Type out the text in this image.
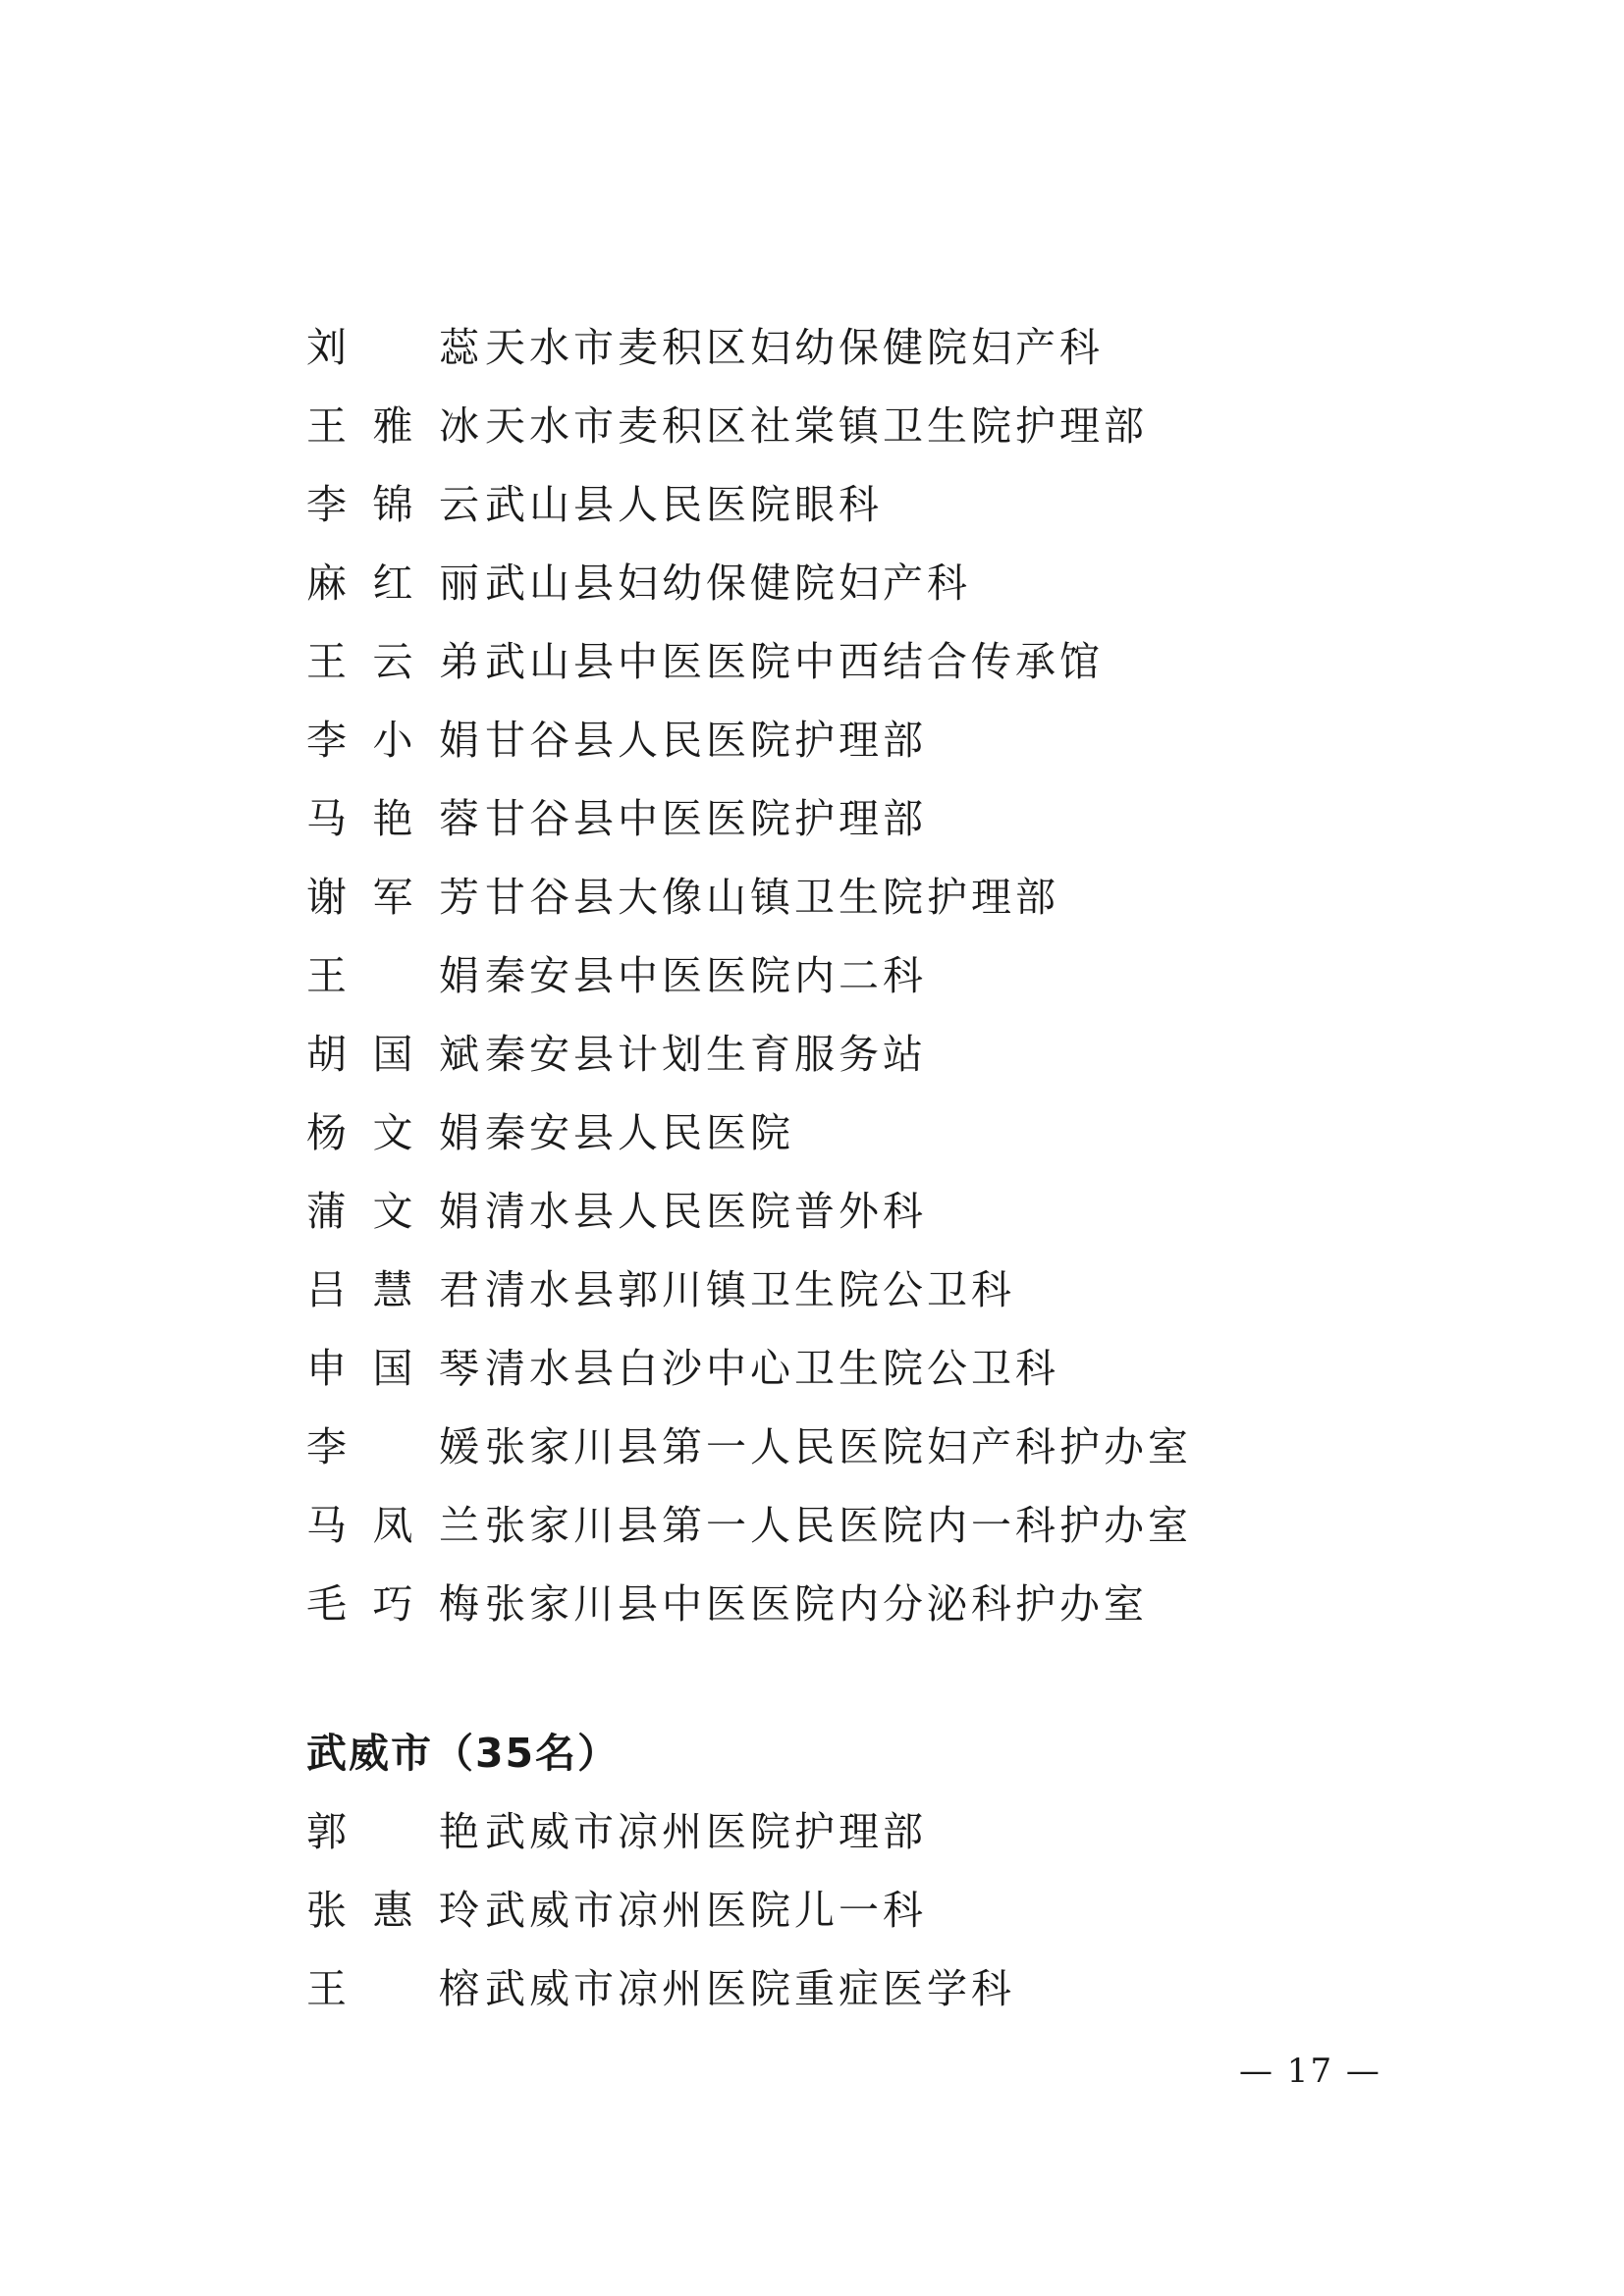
刘　蕊 天水市麦积区妇幼保健院妇产科
王雅冰 天水市麦积区社棠镇卫生院护理部
李锦云 武山县人民医院眼科
麻红丽 武山县妇幼保健院妇产科
王云弟 武山县中医医院中西结合传承馆
李小娟 甘谷县人民医院护理部
马艳蓉 甘谷县中医医院护理部
谢军芳 甘谷县大像山镇卫生院护理部
王　娟 秦安县中医医院内二科
胡国斌 秦安县计划生育服务站
杨文娟 秦安县人民医院
蒲文娟 清水县人民医院普外科
吕慧君 清水县郭川镇卫生院公卫科
申国琴 清水县白沙中心卫生院公卫科
李　媛 张家川县第一人民医院妇产科护办室
马凤兰 张家川县第一人民医院内一科护办室
毛巧梅 张家川县中医医院内分泌科护办室
武威市（35名）
郭　艳 武威市凉州医院护理部
张惠玲 武威市凉州医院儿一科
王　榕 武威市凉州医院重症医学科
— 17 —
